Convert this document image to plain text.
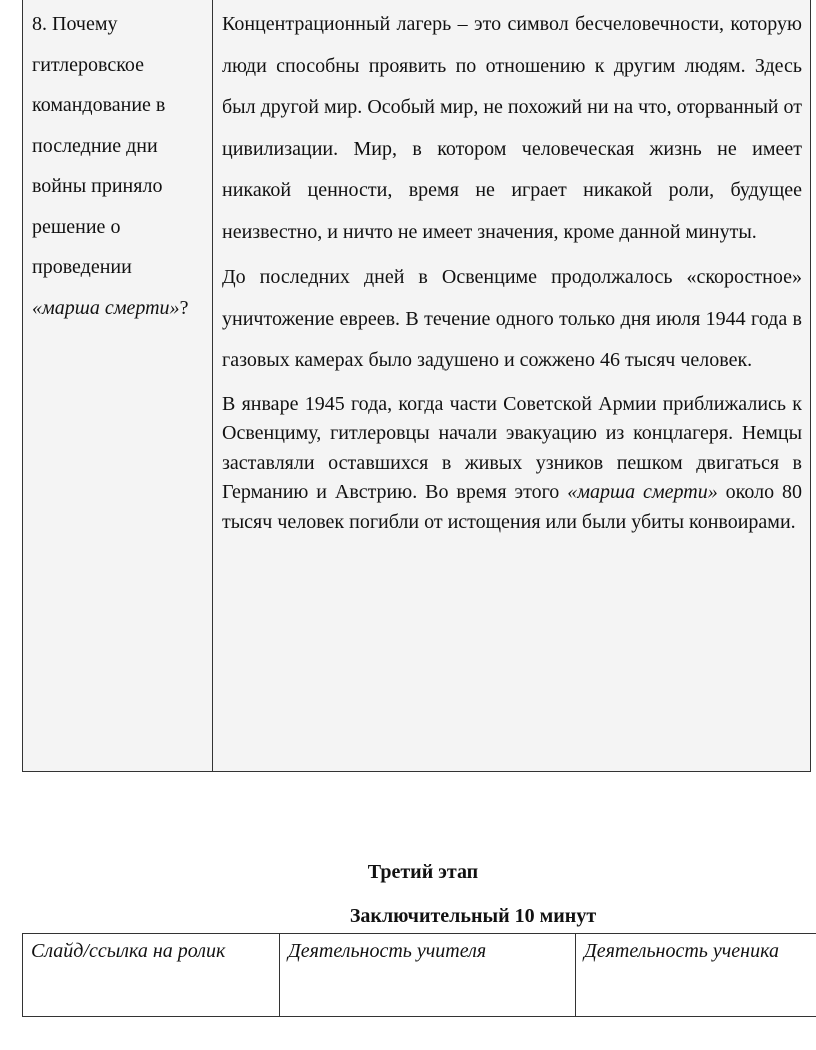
8. Почему гитлеровское командование в последние дни войны приняло решение о проведении «марша смерти»?

Концентрационный лагерь – это символ бесчеловечности, которую люди способны проявить по отношению к другим людям. Здесь был другой мир. Особый мир, не похожий ни на что, оторванный от цивилизации. Мир, в котором человеческая жизнь не имеет никакой ценности, время не играет никакой роли, будущее неизвестно, и ничто не имеет значения, кроме данной минуты.

До последних дней в Освенциме продолжалось «скоростное» уничтожение евреев. В течение одного только дня июля 1944 года в газовых камерах было задушено и сожжено 46 тысяч человек.

В январе 1945 года, когда части Советской Армии приближались к Освенциму, гитлеровцы начали эвакуацию из концлагеря. Немцы заставляли оставшихся в живых узников пешком двигаться в Германию и Австрию. Во время этого «марша смерти» около 80 тысяч человек погибли от истощения или были убиты конвоирами.

Третий этап
Заключительный 10 минут
Слайд/ссылка на ролик	Деятельность учителя	Деятельность ученика
